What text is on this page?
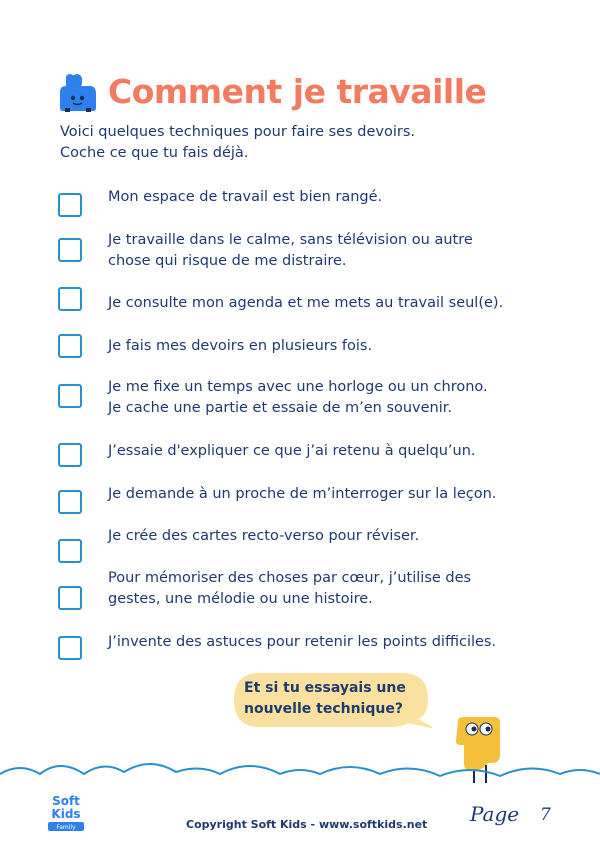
Comment je travaille
Voici quelques techniques pour faire ses devoirs.
Coche ce que tu fais déjà.
Mon espace de travail est bien rangé.
Je travaille dans le calme, sans télévision ou autre
chose qui risque de me distraire.
Je consulte mon agenda et me mets au travail seul(e).
Je fais mes devoirs en plusieurs fois.
Je me fixe un temps avec une horloge ou un chrono.
Je cache une partie et essaie de m’en souvenir.
J’essaie d'expliquer ce que j’ai retenu à quelqu’un.
Je demande à un proche de m’interroger sur la leçon.
Je crée des cartes recto-verso pour réviser.
Pour mémoriser des choses par cœur, j’utilise des
gestes, une mélodie ou une histoire.
J’invente des astuces pour retenir les points difficiles.
Et si tu essayais une
nouvelle technique?
Soft
Kids
Family	Copyright Soft Kids - www.softkids.net Page 7
